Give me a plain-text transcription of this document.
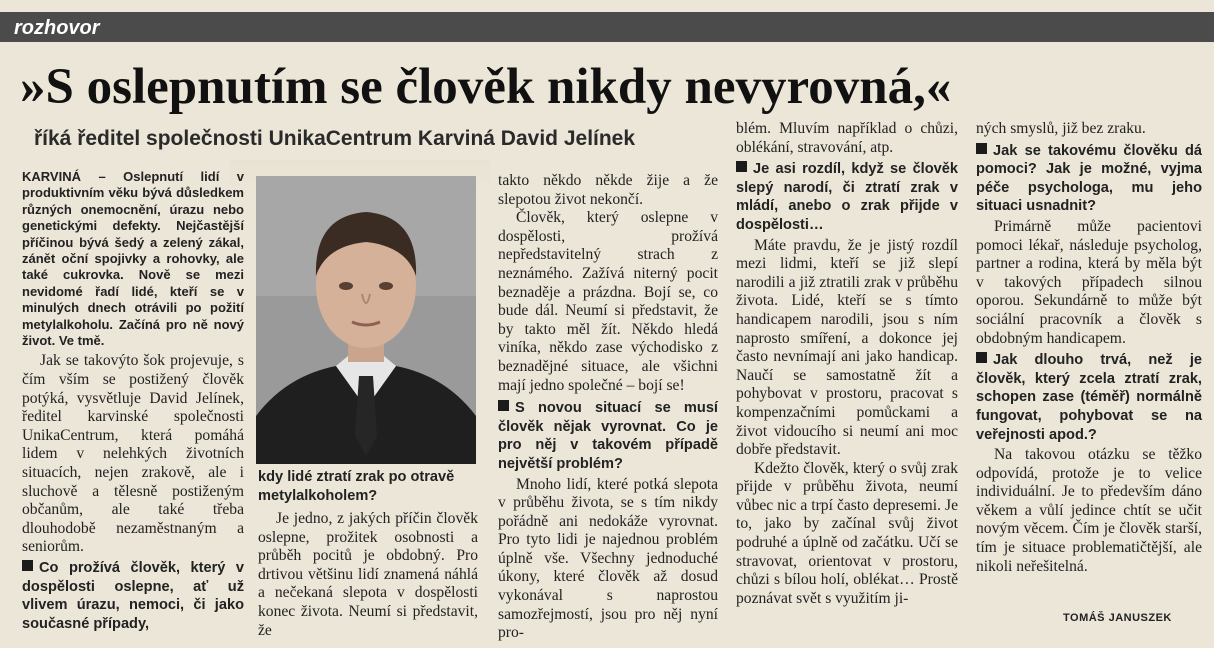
rozhovor
»S oslepnutím se člověk nikdy nevyrovná,«
říká ředitel společnosti UnikaCentrum Karviná David Jelínek

KARVINÁ – Oslepnutí lidí v produktivním věku bývá důsledkem různých onemocnění, úrazu nebo genetickými defekty. Nejčastější příčinou bývá šedý a zelený zákal, zánět oční spojivky a rohovky, ale také cukrovka. Nově se mezi nevidomé řadí lidé, kteří se v minulých dnech otrávili po požití metylalkoholu. Začíná pro ně nový život. Ve tmě.

Jak se takovýto šok projevuje, s čím vším se postižený člověk potýká, vysvětluje David Jelínek, ředitel karvinské společnosti UnikaCentrum, která pomáhá lidem v nelehkých životních situacích, nejen zrakově, ale i sluchově a tělesně postiženým občanům, ale také třeba dlouhodobě nezaměstnaným a seniorům.

Co prožívá člověk, který v dospělosti oslepne, ať už vlivem úrazu, nemoci, či jako současné případy,

kdy lidé ztratí zrak po otravě metylalkoholem?

Je jedno, z jakých příčin člověk oslepne, prožitek osobnosti a průběh pocitů je obdobný. Pro drtivou většinu lidí znamená náhlá a nečekaná slepota v dospělosti konec života. Neumí si představit, že

takto někdo někde žije a že slepotou život nekončí.

Člověk, který oslepne v dospělosti, prožívá nepředstavitelný strach z neznámého. Zažívá niterný pocit beznaděje a prázdna. Bojí se, co bude dál. Neumí si představit, že by takto měl žít. Někdo hledá viníka, někdo zase východisko z beznadějné situace, ale všichni mají jedno společné – bojí se!

S novou situací se musí člověk nějak vyrovnat. Co je pro něj v takovém případě největší problém?

Mnoho lidí, které potká slepota v průběhu života, se s tím nikdy pořádně ani nedokáže vyrovnat. Pro tyto lidi je najednou problém úplně vše. Všechny jednoduché úkony, které člověk až dosud vykonával s naprostou samozřejmostí, jsou pro něj nyní pro-

blém. Mluvím například o chůzi, oblékání, stravování, atp.

Je asi rozdíl, když se člověk slepý narodí, či ztratí zrak v mládí, anebo o zrak přijde v dospělosti…

Máte pravdu, že je jistý rozdíl mezi lidmi, kteří se již slepí narodili a již ztratili zrak v průběhu života. Lidé, kteří se s tímto handicapem narodili, jsou s ním naprosto smíření, a dokonce jej často nevnímají ani jako handicap. Naučí se samostatně žít a pohybovat v prostoru, pracovat s kompenzačními pomůckami a život vidoucího si neumí ani moc dobře představit.

Kdežto člověk, který o svůj zrak přijde v průběhu života, neumí vůbec nic a trpí často depresemi. Je to, jako by začínal svůj život podruhé a úplně od začátku. Učí se stravovat, orientovat v prostoru, chůzi s bílou holí, oblékat… Prostě poznávat svět s využitím ji-

ných smyslů, již bez zraku.

Jak se takovému člověku dá pomoci? Jak je možné, vyjma péče psychologa, mu jeho situaci usnadnit?

Primárně může pacientovi pomoci lékař, následuje psycholog, partner a rodina, která by měla být v takových případech silnou oporou. Sekundárně to může být sociální pracovník a člověk s obdobným handicapem.

Jak dlouho trvá, než je člověk, který zcela ztratí zrak, schopen zase (téměř) normálně fungovat, pohybovat se na veřejnosti apod.?

Na takovou otázku se těžko odpovídá, protože je to velice individuální. Je to především dáno věkem a vůlí jedince chtít se učit novým věcem. Čím je člověk starší, tím je situace problematičtější, ale nikoli neřešitelná.

TOMÁŠ JANUSZEK
